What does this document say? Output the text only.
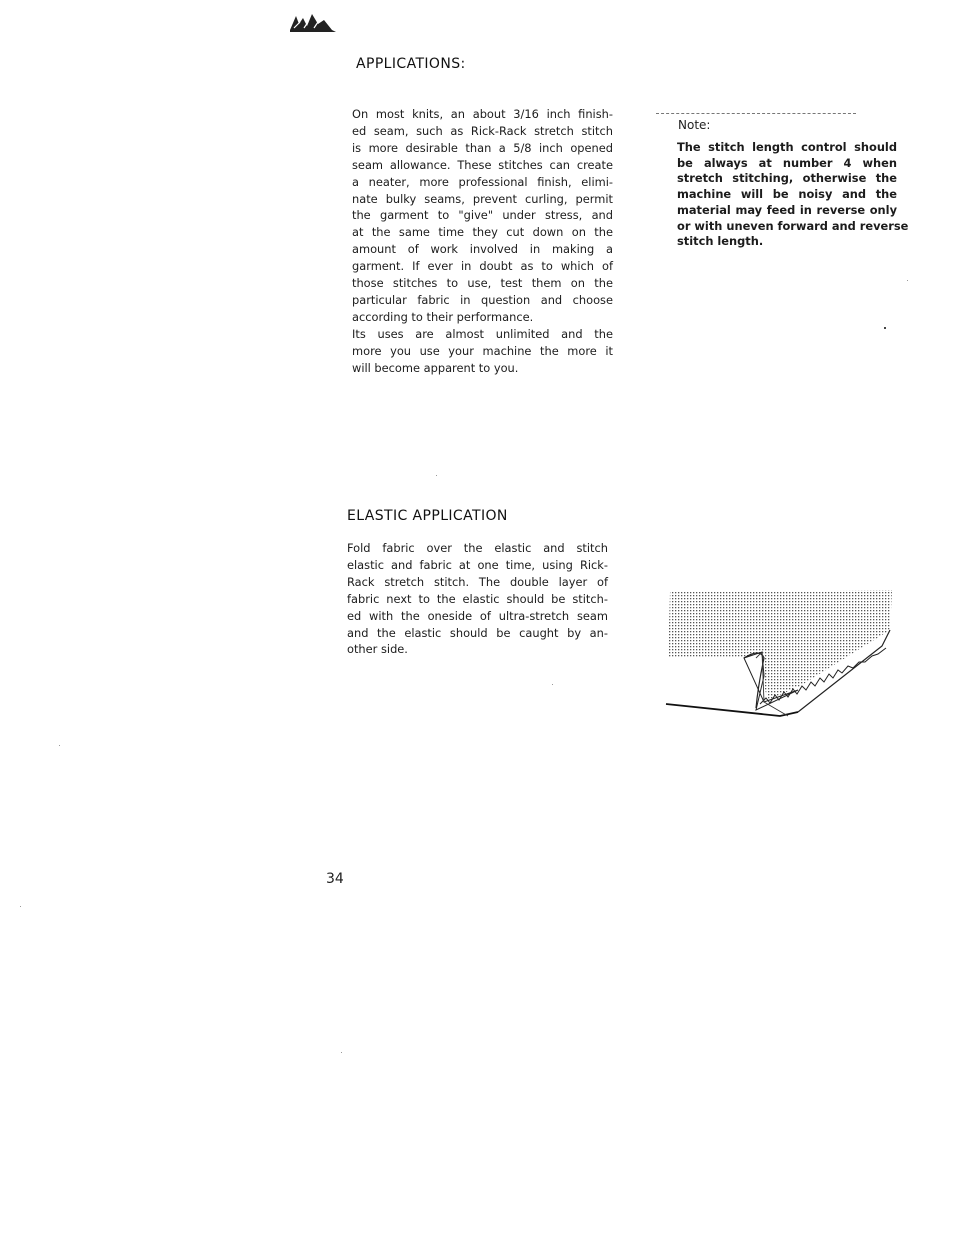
APPLICATIONS:
On most knits, an about 3/16 inch finish-
ed seam, such as Rick-Rack stretch stitch
is more desirable than a 5/8 inch opened
seam allowance. These stitches can create
a neater, more professional finish, elimi-
nate bulky seams, prevent curling, permit
the garment to "give" under stress, and
at the same time they cut down on the
amount of work involved in making a
garment. If ever in doubt as to which of
those stitches to use, test them on the
particular fabric in question and choose
according to their performance.
Its uses are almost unlimited and the
more you use your machine the more it
will become apparent to you.
Note:
The stitch length control should
be always at number 4 when
stretch stitching, otherwise the
machine will be noisy and the
material may feed in reverse only
or with uneven forward and reverse
stitch length.
ELASTIC APPLICATION
Fold fabric over the elastic and stitch
elastic and fabric at one time, using Rick-
Rack stretch stitch. The double layer of
fabric next to the elastic should be stitch-
ed with the oneside of ultra-stretch seam
and the elastic should be caught by an-
other side.
34
